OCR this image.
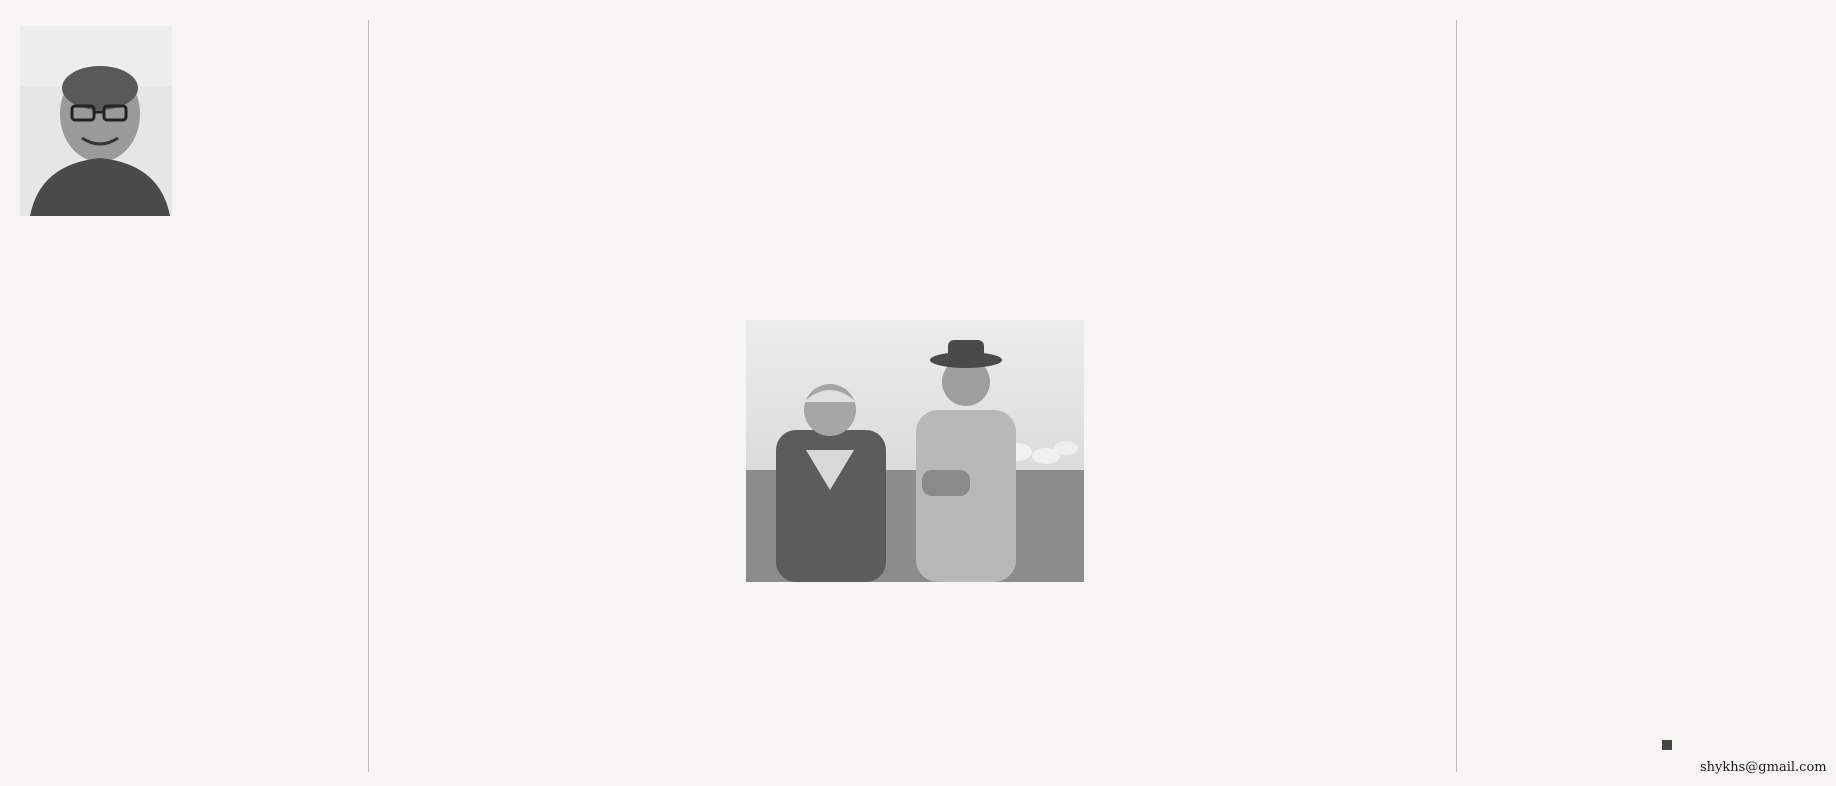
shykhs@gmail.com
